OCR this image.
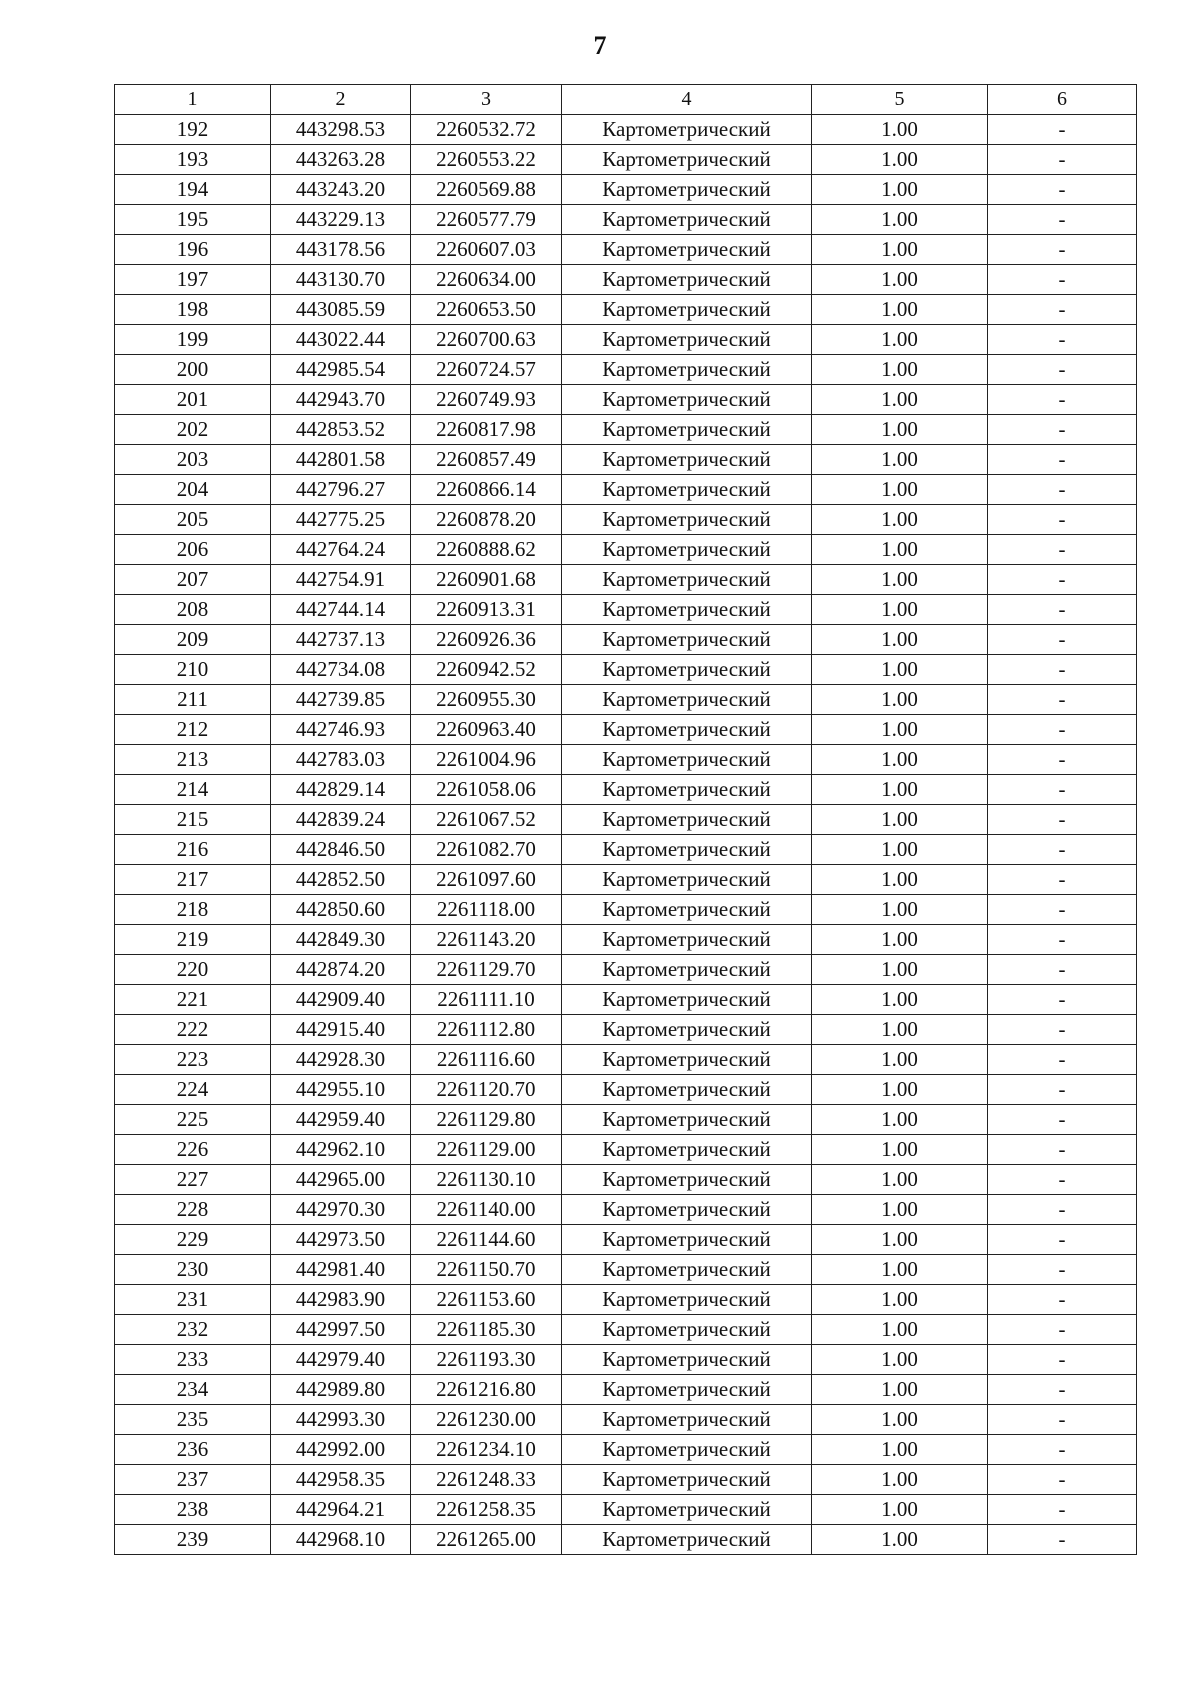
7
1	2	3	4	5	6
192	443298.53	2260532.72	Картометрический	1.00	-
193	443263.28	2260553.22	Картометрический	1.00	-
194	443243.20	2260569.88	Картометрический	1.00	-
195	443229.13	2260577.79	Картометрический	1.00	-
196	443178.56	2260607.03	Картометрический	1.00	-
197	443130.70	2260634.00	Картометрический	1.00	-
198	443085.59	2260653.50	Картометрический	1.00	-
199	443022.44	2260700.63	Картометрический	1.00	-
200	442985.54	2260724.57	Картометрический	1.00	-
201	442943.70	2260749.93	Картометрический	1.00	-
202	442853.52	2260817.98	Картометрический	1.00	-
203	442801.58	2260857.49	Картометрический	1.00	-
204	442796.27	2260866.14	Картометрический	1.00	-
205	442775.25	2260878.20	Картометрический	1.00	-
206	442764.24	2260888.62	Картометрический	1.00	-
207	442754.91	2260901.68	Картометрический	1.00	-
208	442744.14	2260913.31	Картометрический	1.00	-
209	442737.13	2260926.36	Картометрический	1.00	-
210	442734.08	2260942.52	Картометрический	1.00	-
211	442739.85	2260955.30	Картометрический	1.00	-
212	442746.93	2260963.40	Картометрический	1.00	-
213	442783.03	2261004.96	Картометрический	1.00	-
214	442829.14	2261058.06	Картометрический	1.00	-
215	442839.24	2261067.52	Картометрический	1.00	-
216	442846.50	2261082.70	Картометрический	1.00	-
217	442852.50	2261097.60	Картометрический	1.00	-
218	442850.60	2261118.00	Картометрический	1.00	-
219	442849.30	2261143.20	Картометрический	1.00	-
220	442874.20	2261129.70	Картометрический	1.00	-
221	442909.40	2261111.10	Картометрический	1.00	-
222	442915.40	2261112.80	Картометрический	1.00	-
223	442928.30	2261116.60	Картометрический	1.00	-
224	442955.10	2261120.70	Картометрический	1.00	-
225	442959.40	2261129.80	Картометрический	1.00	-
226	442962.10	2261129.00	Картометрический	1.00	-
227	442965.00	2261130.10	Картометрический	1.00	-
228	442970.30	2261140.00	Картометрический	1.00	-
229	442973.50	2261144.60	Картометрический	1.00	-
230	442981.40	2261150.70	Картометрический	1.00	-
231	442983.90	2261153.60	Картометрический	1.00	-
232	442997.50	2261185.30	Картометрический	1.00	-
233	442979.40	2261193.30	Картометрический	1.00	-
234	442989.80	2261216.80	Картометрический	1.00	-
235	442993.30	2261230.00	Картометрический	1.00	-
236	442992.00	2261234.10	Картометрический	1.00	-
237	442958.35	2261248.33	Картометрический	1.00	-
238	442964.21	2261258.35	Картометрический	1.00	-
239	442968.10	2261265.00	Картометрический	1.00	-
